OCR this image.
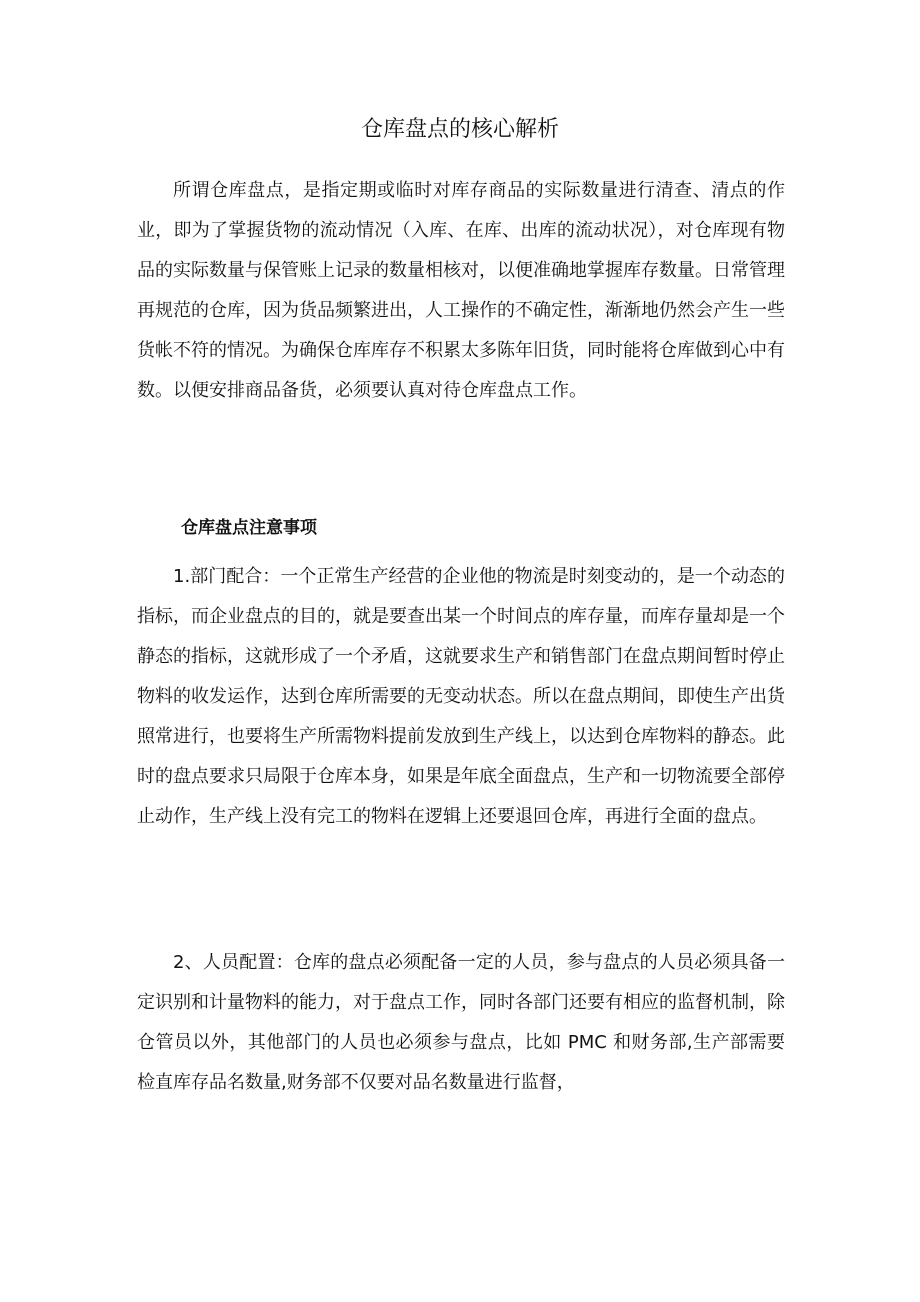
仓库盘点的核心解析

所谓仓库盘点，是指定期或临时对库存商品的实际数量进行清查、清点的作业，即为了掌握货物的流动情况（入库、在库、出库的流动状况），对仓库现有物品的实际数量与保管账上记录的数量相核对，以便准确地掌握库存数量。日常管理再规范的仓库，因为货品频繁进出，人工操作的不确定性，渐渐地仍然会产生一些货帐不符的情况。为确保仓库库存不积累太多陈年旧货，同时能将仓库做到心中有数。以便安排商品备货，必须要认真对待仓库盘点工作。

仓库盘点注意事项

1.部门配合：一个正常生产经营的企业他的物流是时刻变动的，是一个动态的指标，而企业盘点的目的，就是要查出某一个时间点的库存量，而库存量却是一个静态的指标，这就形成了一个矛盾，这就要求生产和销售部门在盘点期间暂时停止物料的收发运作，达到仓库所需要的无变动状态。所以在盘点期间，即使生产出货照常进行，也要将生产所需物料提前发放到生产线上，以达到仓库物料的静态。此时的盘点要求只局限于仓库本身，如果是年底全面盘点，生产和一切物流要全部停止动作，生产线上没有完工的物料在逻辑上还要退回仓库，再进行全面的盘点。

2、人员配置：仓库的盘点必须配备一定的人员，参与盘点的人员必须具备一定识别和计量物料的能力，对于盘点工作，同时各部门还要有相应的监督机制，除仓管员以外，其他部门的人员也必须参与盘点，比如 PMC 和财务部,生产部需要检直库存品名数量,财务部不仅要对品名数量进行监督，
